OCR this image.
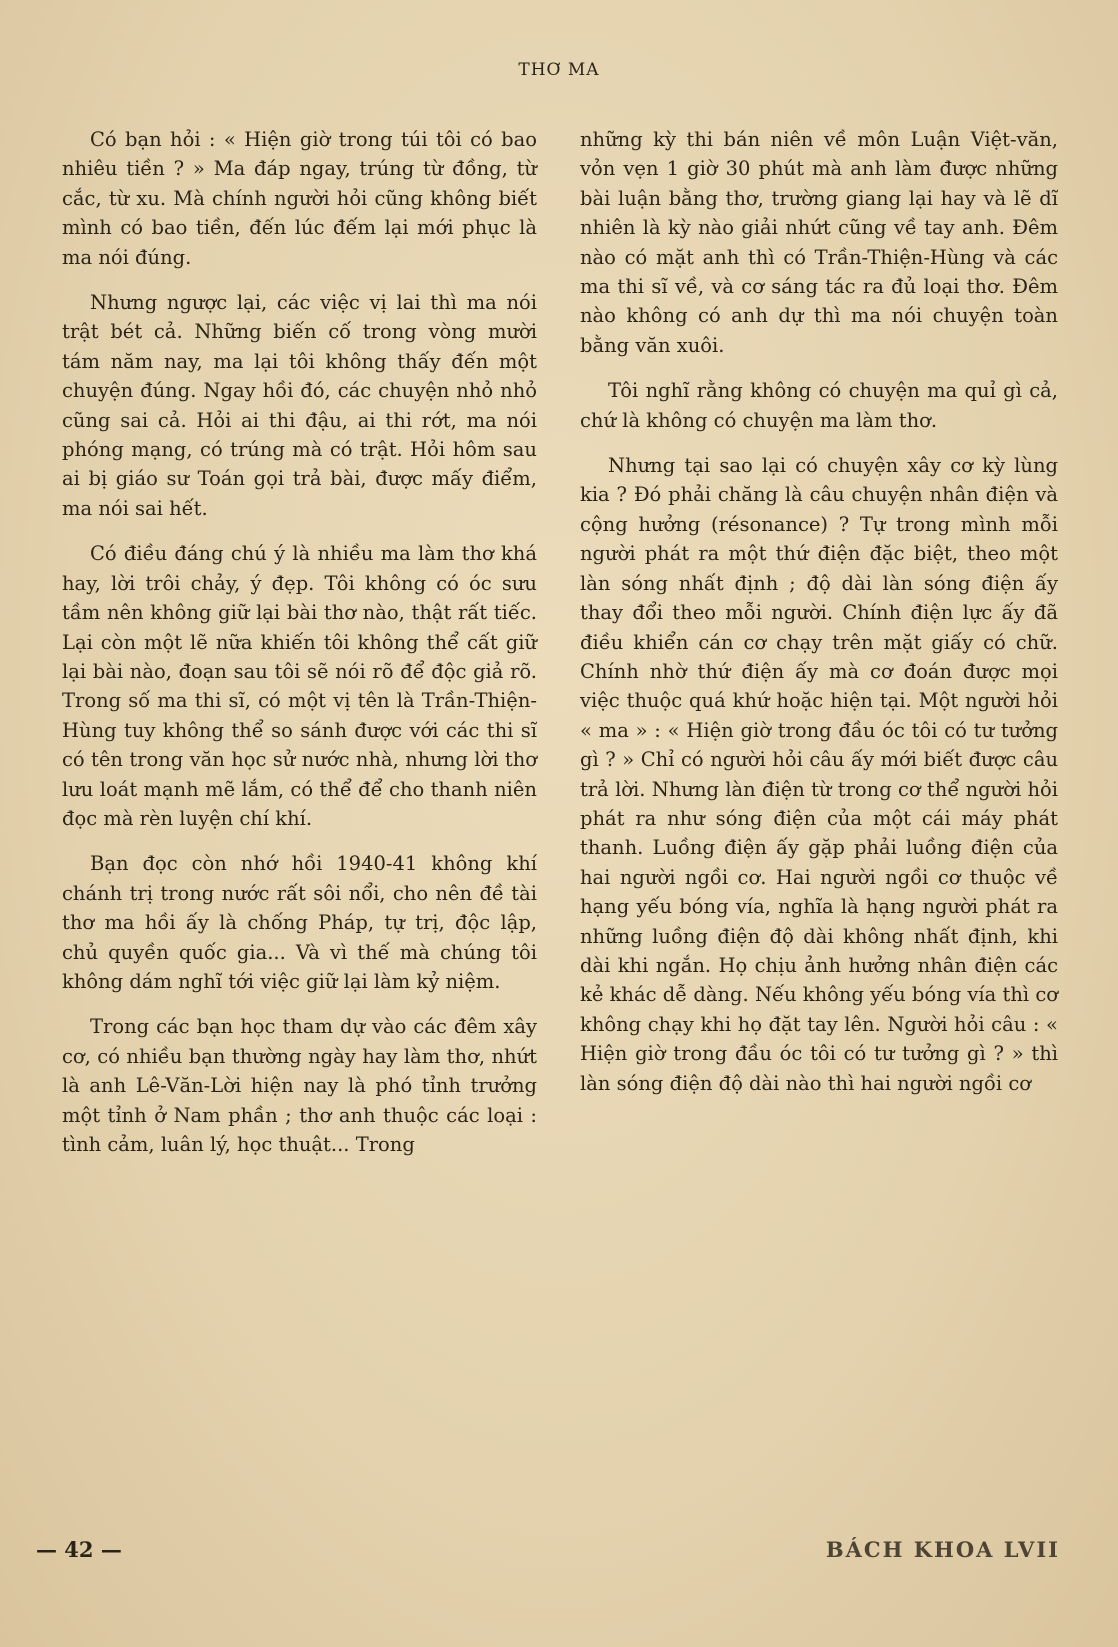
THƠ MA

Có bạn hỏi : « Hiện giờ trong túi tôi có bao nhiêu tiền ? » Ma đáp ngay, trúng từ đồng, từ cắc, từ xu. Mà chính người hỏi cũng không biết mình có bao tiền, đến lúc đếm lại mới phục là ma nói đúng.

Nhưng ngược lại, các việc vị lai thì ma nói trật bét cả. Những biến cố trong vòng mười tám năm nay, ma lại tôi không thấy đến một chuyện đúng. Ngay hồi đó, các chuyện nhỏ nhỏ cũng sai cả. Hỏi ai thi đậu, ai thi rớt, ma nói phóng mạng, có trúng mà có trật. Hỏi hôm sau ai bị giáo sư Toán gọi trả bài, được mấy điểm, ma nói sai hết.

Có điều đáng chú ý là nhiều ma làm thơ khá hay, lời trôi chảy, ý đẹp. Tôi không có óc sưu tầm nên không giữ lại bài thơ nào, thật rất tiếc. Lại còn một lẽ nữa khiến tôi không thể cất giữ lại bài nào, đoạn sau tôi sẽ nói rõ để độc giả rõ. Trong số ma thi sĩ, có một vị tên là Trần-Thiện-Hùng tuy không thể so sánh được với các thi sĩ có tên trong văn học sử nước nhà, nhưng lời thơ lưu loát mạnh mẽ lắm, có thể để cho thanh niên đọc mà rèn luyện chí khí.

Bạn đọc còn nhớ hồi 1940-41 không khí chánh trị trong nước rất sôi nổi, cho nên đề tài thơ ma hồi ấy là chống Pháp, tự trị, độc lập, chủ quyền quốc gia... Và vì thế mà chúng tôi không dám nghĩ tới việc giữ lại làm kỷ niệm.

Trong các bạn học tham dự vào các đêm xây cơ, có nhiều bạn thường ngày hay làm thơ, nhứt là anh Lê-Văn-Lời hiện nay là phó tỉnh trưởng một tỉnh ở Nam phần ; thơ anh thuộc các loại : tình cảm, luân lý, học thuật... Trong

những kỳ thi bán niên về môn Luận Việt-văn, vỏn vẹn 1 giờ 30 phút mà anh làm được những bài luận bằng thơ, trường giang lại hay và lẽ dĩ nhiên là kỳ nào giải nhứt cũng về tay anh. Đêm nào có mặt anh thì có Trần-Thiện-Hùng và các ma thi sĩ về, và cơ sáng tác ra đủ loại thơ. Đêm nào không có anh dự thì ma nói chuyện toàn bằng văn xuôi.

Tôi nghĩ rằng không có chuyện ma quỉ gì cả, chứ là không có chuyện ma làm thơ.

Nhưng tại sao lại có chuyện xây cơ kỳ lùng kia ? Đó phải chăng là câu chuyện nhân điện và cộng hưởng (résonance) ? Tự trong mình mỗi người phát ra một thứ điện đặc biệt, theo một làn sóng nhất định ; độ dài làn sóng điện ấy thay đổi theo mỗi người. Chính điện lực ấy đã điều khiển cán cơ chạy trên mặt giấy có chữ. Chính nhờ thứ điện ấy mà cơ đoán được mọi việc thuộc quá khứ hoặc hiện tại. Một người hỏi « ma » : « Hiện giờ trong đầu óc tôi có tư tưởng gì ? » Chỉ có người hỏi câu ấy mới biết được câu trả lời. Nhưng làn điện từ trong cơ thể người hỏi phát ra như sóng điện của một cái máy phát thanh. Luồng điện ấy gặp phải luồng điện của hai người ngồi cơ. Hai người ngồi cơ thuộc về hạng yếu bóng vía, nghĩa là hạng người phát ra những luồng điện độ dài không nhất định, khi dài khi ngắn. Họ chịu ảnh hưởng nhân điện các kẻ khác dễ dàng. Nếu không yếu bóng vía thì cơ không chạy khi họ đặt tay lên. Người hỏi câu : « Hiện giờ trong đầu óc tôi có tư tưởng gì ? » thì làn sóng điện độ dài nào thì hai người ngồi cơ

— 42 —	BÁCH KHOA LVII
